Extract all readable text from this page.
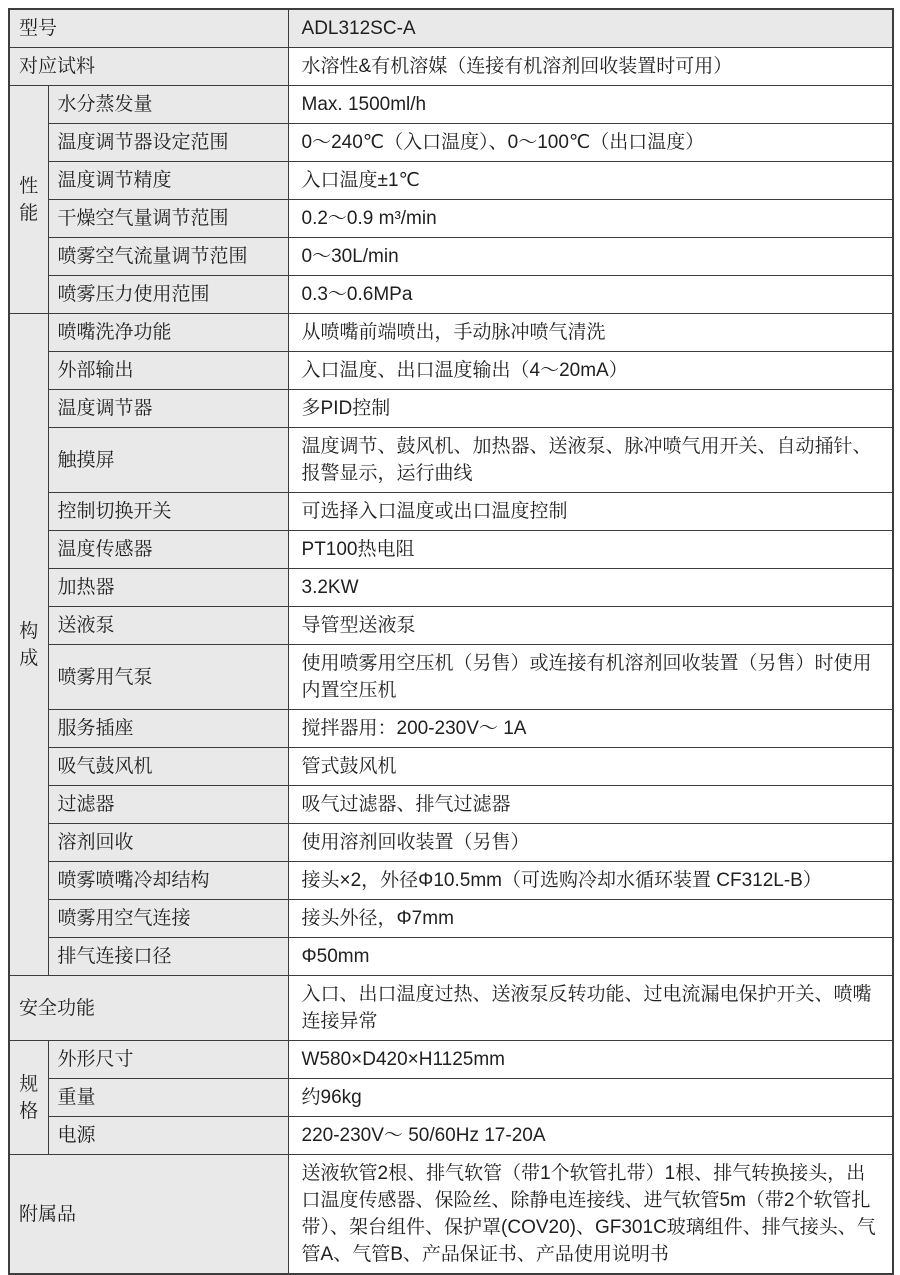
型号		ADL312SC-A
对应试料		水溶性&有机溶媒（连接有机溶剂回收装置时可用）

性
能	水分蒸发量	Max. 1500ml/h
	温度调节器设定范围	0～240℃（入口温度）、0～100℃（出口温度）
	温度调节精度	入口温度±1℃
	干燥空气量调节范围	0.2～0.9 m³/min
	喷雾空气流量调节范围	0～30L/min
	喷雾压力使用范围	0.3～0.6MPa

构
成	喷嘴洗净功能	从喷嘴前端喷出，手动脉冲喷气清洗
	外部输出	入口温度、出口温度输出（4～20mA）
	温度调节器	多PID控制
	触摸屏	温度调节、鼓风机、加热器、送液泵、脉冲喷气用开关、自动捅针、报警显示，运行曲线
	控制切换开关	可选择入口温度或出口温度控制
	温度传感器	PT100热电阻
	加热器	3.2KW
	送液泵	导管型送液泵
	喷雾用气泵	使用喷雾用空压机（另售）或连接有机溶剂回收装置（另售）时使用内置空压机
	服务插座	搅拌器用：200-230V～ 1A
	吸气鼓风机	管式鼓风机
	过滤器	吸气过滤器、排气过滤器
	溶剂回收	使用溶剂回收装置（另售）
	喷雾喷嘴冷却结构	接头×2，外径Φ10.5mm（可选购冷却水循环装置 CF312L-B）
	喷雾用空气连接	接头外径，Φ7mm
	排气连接口径	Φ50mm
安全功能		入口、出口温度过热、送液泵反转功能、过电流漏电保护开关、喷嘴连接异常

规
格	外形尺寸	W580×D420×H1125mm
	重量	约96kg
	电源	220-230V～ 50/60Hz 17-20A
附属品		送液软管2根、排气软管（带1个软管扎带）1根、排气转换接头，出口温度传感器、保险丝、除静电连接线、进气软管5m（带2个软管扎带）、架台组件、保护罩(COV20)、GF301C玻璃组件、排气接头、气管A、气管B、产品保证书、产品使用说明书
